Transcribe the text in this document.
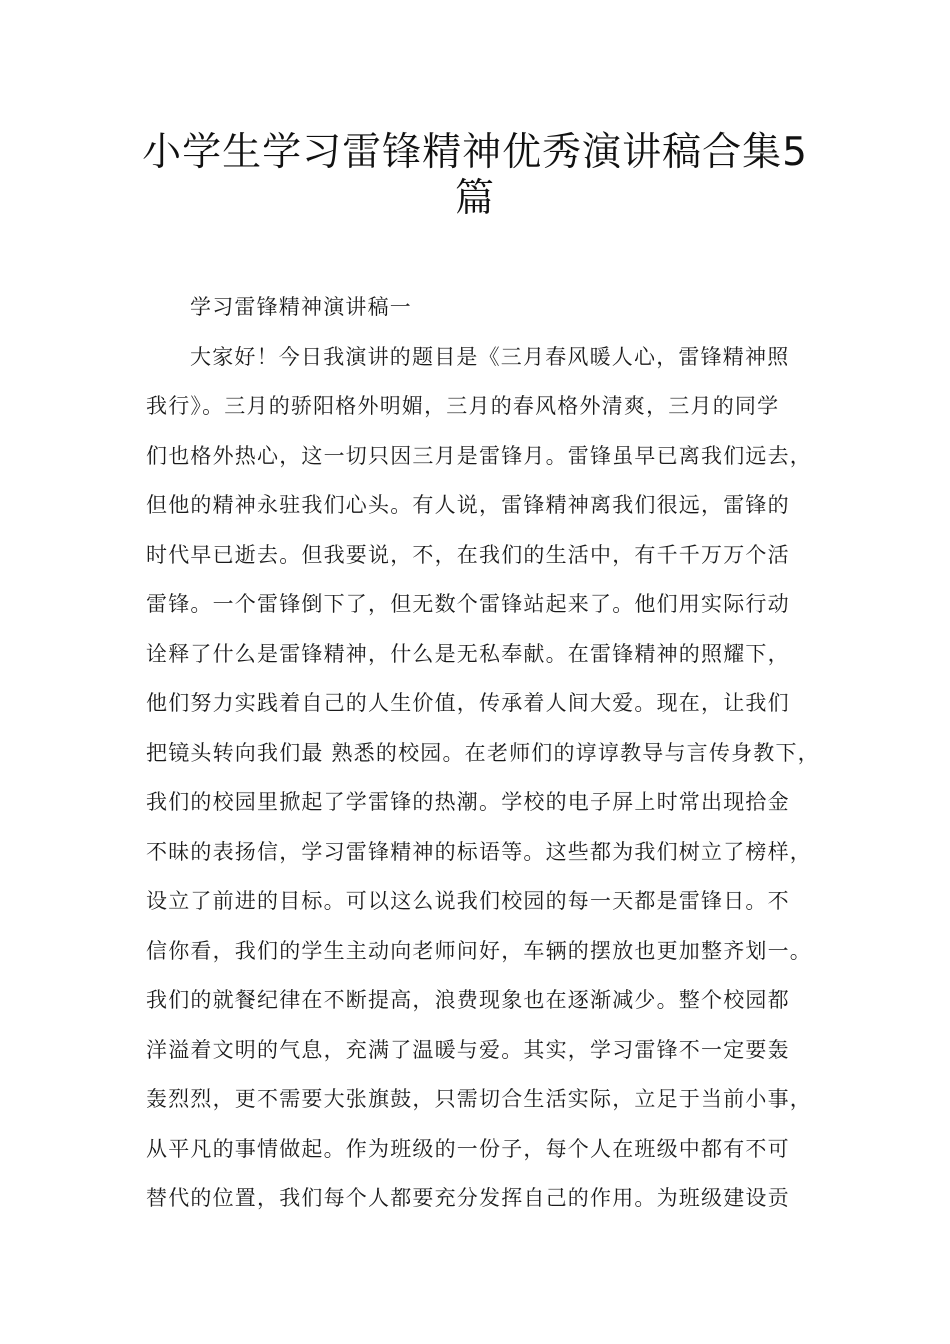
小学生学习雷锋精神优秀演讲稿合集5
篇
学习雷锋精神演讲稿一
大家好！今日我演讲的题目是《三月春风暖人心，雷锋精神照
我行》。三月的骄阳格外明媚，三月的春风格外清爽，三月的同学
们也格外热心，这一切只因三月是雷锋月。雷锋虽早已离我们远去，
但他的精神永驻我们心头。有人说，雷锋精神离我们很远，雷锋的
时代早已逝去。但我要说，不，在我们的生活中，有千千万万个活
雷锋。一个雷锋倒下了，但无数个雷锋站起来了。他们用实际行动
诠释了什么是雷锋精神，什么是无私奉献。在雷锋精神的照耀下，
他们努力实践着自己的人生价值，传承着人间大爱。现在，让我们
把镜头转向我们最 熟悉的校园。在老师们的谆谆教导与言传身教下，
我们的校园里掀起了学雷锋的热潮。学校的电子屏上时常出现拾金
不昧的表扬信，学习雷锋精神的标语等。这些都为我们树立了榜样，
设立了前进的目标。可以这么说我们校园的每一天都是雷锋日。不
信你看，我们的学生主动向老师问好，车辆的摆放也更加整齐划一。
我们的就餐纪律在不断提高，浪费现象也在逐渐减少。整个校园都
洋溢着文明的气息，充满了温暖与爱。其实，学习雷锋不一定要轰
轰烈烈，更不需要大张旗鼓，只需切合生活实际，立足于当前小事，
从平凡的事情做起。作为班级的一份子，每个人在班级中都有不可
替代的位置，我们每个人都要充分发挥自己的作用。为班级建设贡
